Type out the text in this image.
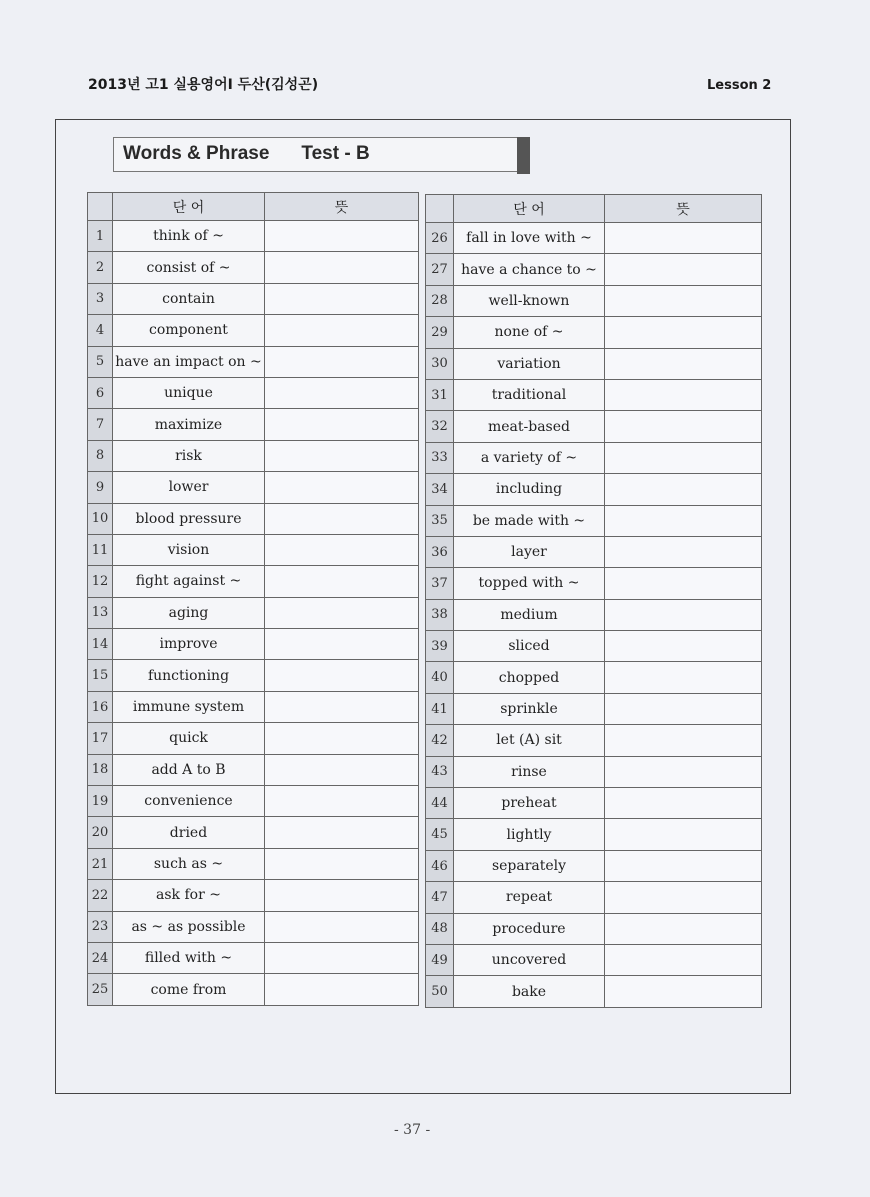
2013년 고1 실용영어I 두산(김성곤)	Lesson 2
Words & Phrase Test - B
	단 어	뜻
1	think of ~	
2	consist of ~	
3	contain	
4	component	
5	have an impact on ~	
6	unique	
7	maximize	
8	risk	
9	lower	
10	blood pressure	
11	vision	
12	fight against ~	
13	aging	
14	improve	
15	functioning	
16	immune system	
17	quick	
18	add A to B	
19	convenience	
20	dried	
21	such as ~	
22	ask for ~	
23	as ~ as possible	
24	filled with ~	
25	come from	
	단 어	뜻
26	fall in love with ~	
27	have a chance to ~	
28	well-known	
29	none of ~	
30	variation	
31	traditional	
32	meat-based	
33	a variety of ~	
34	including	
35	be made with ~	
36	layer	
37	topped with ~	
38	medium	
39	sliced	
40	chopped	
41	sprinkle	
42	let (A) sit	
43	rinse	
44	preheat	
45	lightly	
46	separately	
47	repeat	
48	procedure	
49	uncovered	
50	bake	
- 37 -
